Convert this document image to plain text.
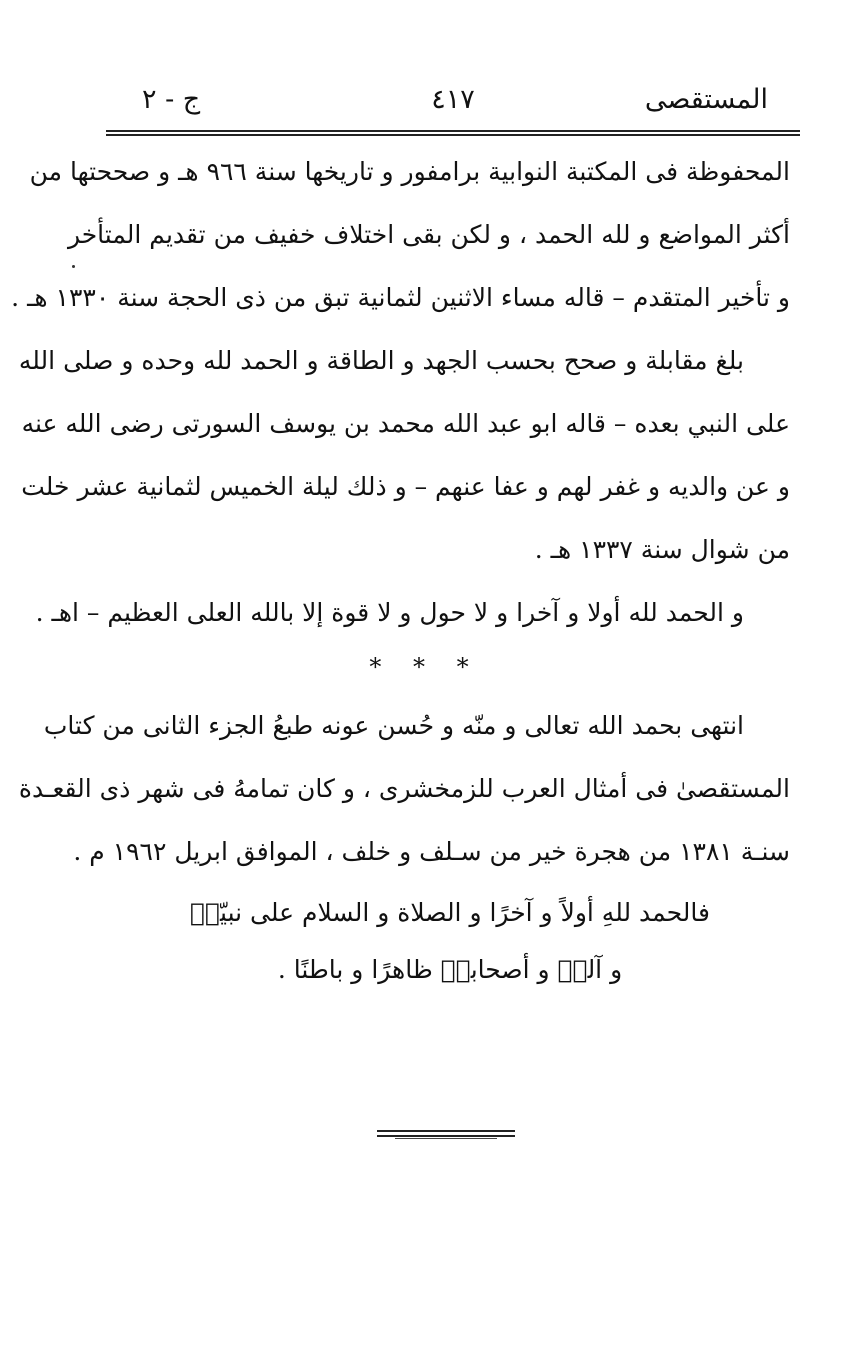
المستقصى
٤١٧
ج - ٢
المحفوظة فى المكتبة النوابية برامفور و تاريخها سنة ٩٦٦ هـ و صححتها من
أكثر المواضع و لله الحمد ، و لكن بقى اختلاف خفيف من تقديم المتأخر
و تأخير المتقدم – قاله مساء الاثنين لثمانية تبق من ذى الحجة سنة ١٣٣٠ هـ .
بلغ مقابلة و صحح بحسب الجهد و الطاقة و الحمد لله وحده و صلى الله
على النبي بعده – قاله ابو عبد الله محمد بن يوسف السورتى رضى الله عنه
و عن والديه و غفر لهم و عفا عنهم – و ذلك ليلة الخميس لثمانية عشر خلت
من شوال سنة ١٣٣٧ هـ .
و الحمد لله أولا و آخرا و لا حول و لا قوة إلا بالله العلى العظيم – اهـ .
* * *
انتهى بحمد الله تعالى و منّه و حُسن عونه طبعُ الجزء الثانى من كتاب
المستقصىٰ فى أمثال العرب للزمخشرى ، و كان تمامهُ فى شهر ذى القعـدة
سنـة ١٣٨١ من هجرة خير من سـلف و خلف ، الموافق ابريل ١٩٦٢ م .
فالحمد للهِ أولاً و آخرًا و الصلاة و السلام على نبيّهٖ
و آلهٖ و أصحابهٖ ظاهرًا و باطنًا .
